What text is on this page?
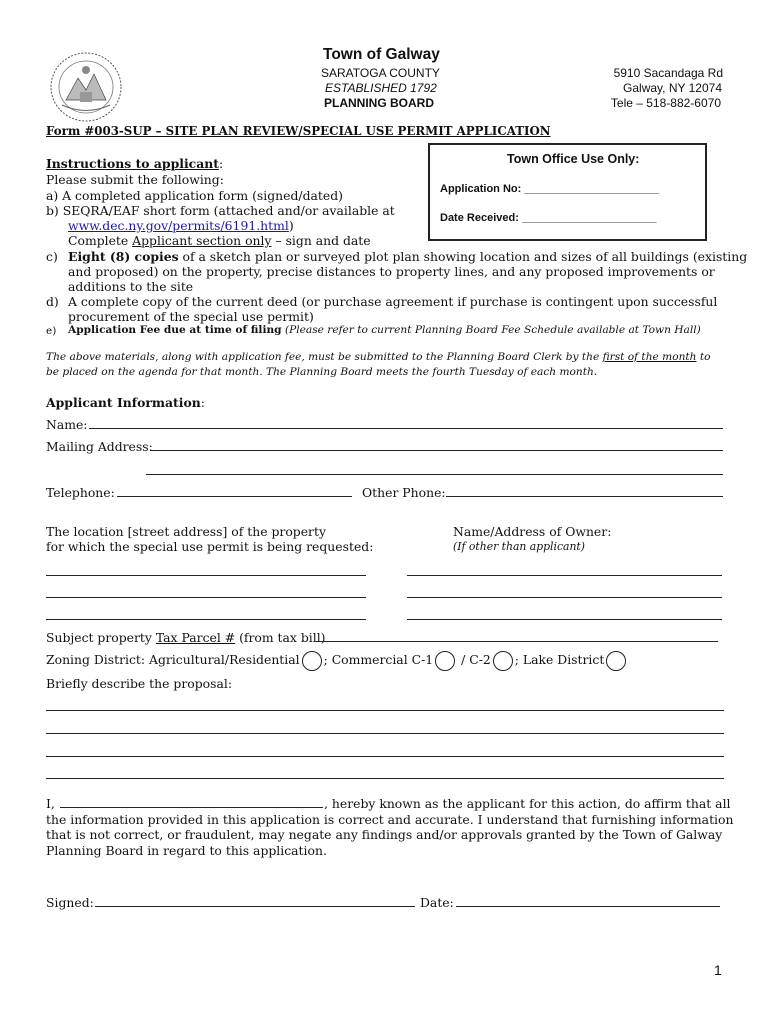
Town of Galway
SARATOGA COUNTY
ESTABLISHED 1792
PLANNING BOARD
5910 Sacandaga Rd
Galway, NY 12074
Tele – 518-882-6070
Form #003-SUP – SITE PLAN REVIEW/SPECIAL USE PERMIT APPLICATION
Town Office Use Only:
Application No: ______________________
Date Received: ______________________
Instructions to applicant:
Please submit the following:
a) A completed application form (signed/dated)
b) SEQRA/EAF short form (attached and/or available at
www.dec.ny.gov/permits/6191.html)
Complete Applicant section only – sign and date
c) Eight (8) copies of a sketch plan or surveyed plot plan showing location and sizes of all buildings (existing
and proposed) on the property, precise distances to property lines, and any proposed improvements or
additions to the site
d) A complete copy of the current deed (or purchase agreement if purchase is contingent upon successful
procurement of the special use permit)
e) Application Fee due at time of filing (Please refer to current Planning Board Fee Schedule available at Town Hall)
The above materials, along with application fee, must be submitted to the Planning Board Clerk by the first of the month to
be placed on the agenda for that month. The Planning Board meets the fourth Tuesday of each month.
Applicant Information:
Name:
Mailing Address:
Telephone:	Other Phone:
The location [street address] of the property
for which the special use permit is being requested:
Name/Address of Owner:
(If other than applicant)
Subject property Tax Parcel # (from tax bill)
Zoning District: Agricultural/Residential ; Commercial C-1 / C-2 ; Lake District
Briefly describe the proposal:
I,	, hereby known as the applicant for this action, do affirm that all
the information provided in this application is correct and accurate. I understand that furnishing information
that is not correct, or fraudulent, may negate any findings and/or approvals granted by the Town of Galway
Planning Board in regard to this application.
Signed:	Date:
1
